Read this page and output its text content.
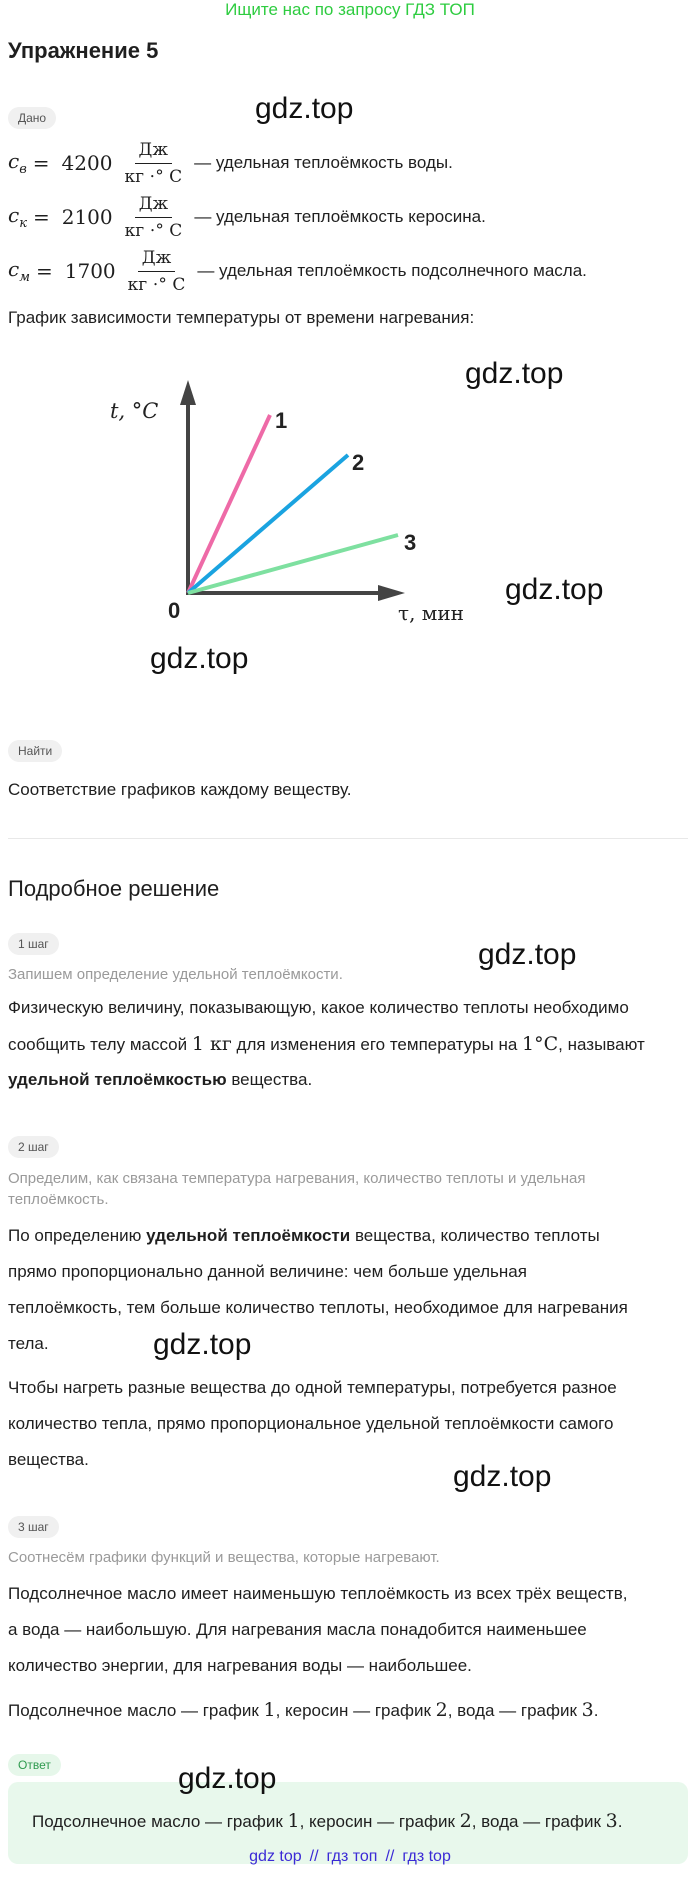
Ищите нас по запросу ГДЗ ТОП
Упражнение 5
Дано	gdz.top
$c_в = 4200 \frac{Дж}{кг \cdot^\circ C}$ — удельная теплоёмкость воды.
$c_к = 2100 \frac{Дж}{кг \cdot^\circ C}$ — удельная теплоёмкость керосина.
$c_м = 1700 \frac{Дж}{кг \cdot^\circ C}$ — удельная теплоёмкость подсолнечного масла.
График зависимости температуры от времени нагревания:
1
2
3
0
t, °C
τ, мин
gdz.top
gdz.top
gdz.top
Найти
Соответствие графиков каждому веществу.
Подробное решение
1 шаг
Запишем определение удельной теплоёмкости.
gdz.top
Физическую величину, показывающую, какое количество теплоты необходимо
сообщить телу массой 1 кг для изменения его температуры на 1°C, называют
удельной теплоёмкостью вещества.
2 шаг
Определим, как связана температура нагревания, количество теплоты и удельная
теплоёмкость.
По определению удельной теплоёмкости вещества, количество теплоты
прямо пропорционально данной величине: чем больше удельная
теплоёмкость, тем больше количество теплоты, необходимое для нагревания
тела.	gdz.top
Чтобы нагреть разные вещества до одной температуры, потребуется разное
количество тепла, прямо пропорциональное удельной теплоёмкости самого
вещества.
gdz.top
3 шаг
Соотнесём графики функций и вещества, которые нагревают.
Подсолнечное масло имеет наименьшую теплоёмкость из всех трёх веществ,
а вода — наибольшую. Для нагревания масла понадобится наименьшее
количество энергии, для нагревания воды — наибольшее.
Подсолнечное масло — график 1, керосин — график 2, вода — график 3.
Ответ	gdz.top
Подсолнечное масло — график 1, керосин — график 2, вода — график 3.
gdz top // гдз топ // гдз top
